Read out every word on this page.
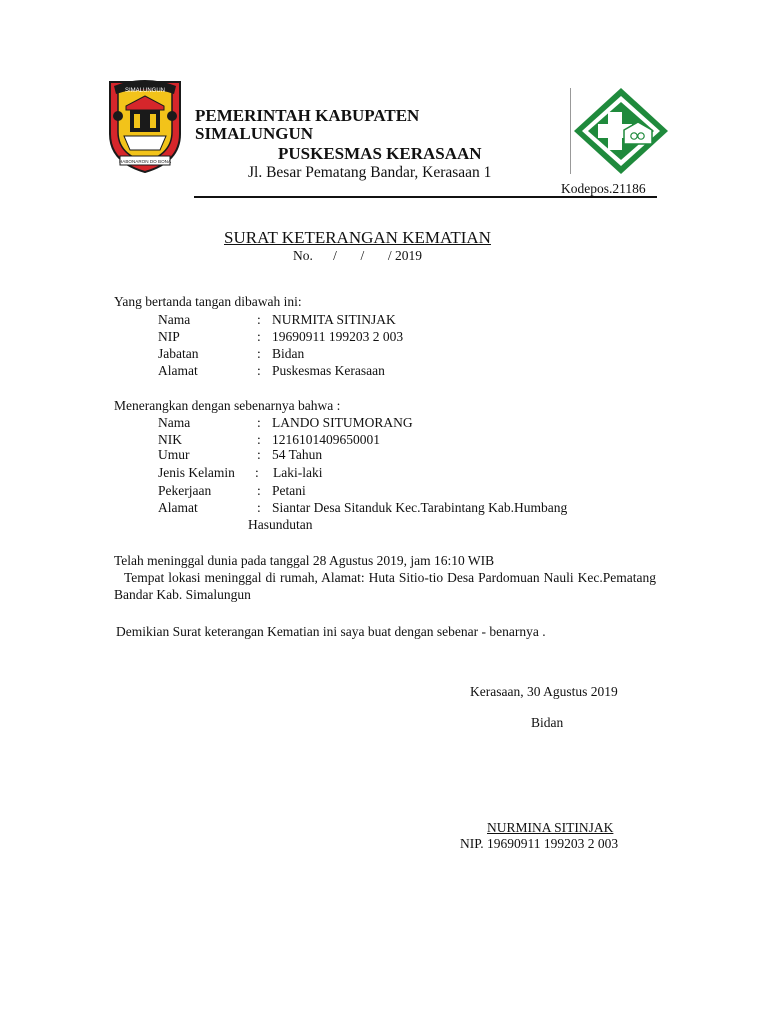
SIMALUNGUN
HABONARON DO BONA
PEMERINTAH KABUPATEN
SIMALUNGUN
PUSKESMAS KERASAAN
Jl. Besar Pematang Bandar, Kerasaan 1
Kodepos.21186
SURAT KETERANGAN KEMATIAN
No.      /       /       / 2019
Yang bertanda tangan dibawah ini:
Nama	: NURMITA SITINJAK
NIP	: 19690911 199203 2 003
Jabatan	: Bidan
Alamat	: Puskesmas Kerasaan
Menerangkan dengan sebenarnya bahwa :
Nama	: LANDO SITUMORANG
NIK	: 1216101409650001
Umur	: 54 Tahun
Jenis Kelamin : Laki-laki
Pekerjaan	: Petani
Alamat	: Siantar Desa Sitanduk Kec.Tarabintang Kab.Humbang
Hasundutan
Telah meninggal dunia pada tanggal 28 Agustus 2019, jam 16:10 WIB
Tempat lokasi meninggal di rumah, Alamat: Huta Sitio-tio Desa Pardomuan Nauli Kec.Pematang Bandar Kab. Simalungun
Demikian Surat keterangan Kematian ini saya buat dengan sebenar - benarnya .
Kerasaan, 30 Agustus 2019
Bidan
NURMINA SITINJAK
NIP. 19690911 199203 2 003
